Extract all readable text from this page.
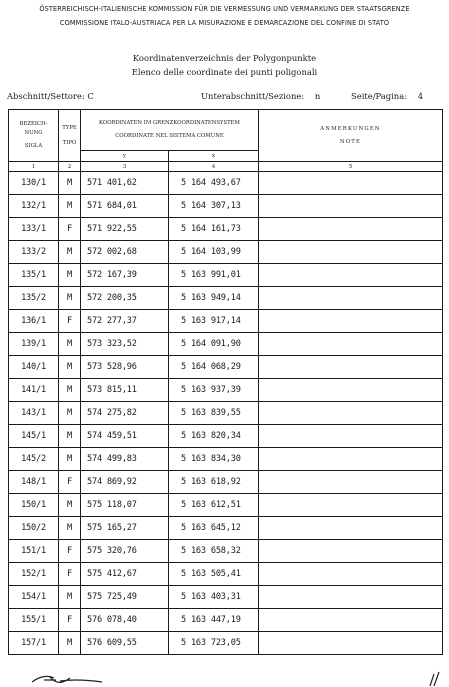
ÖSTERREICHISCH-ITALIENISCHE KOMMISSION FÜR DIE VERMESSUNG UND VERMARKUNG DER STAATSGRENZE
COMMISSIONE ITALO-AUSTRIACA PER LA MISURAZIONE E DEMARCAZIONE DEL CONFINE DI STATO
Koordinatenverzeichnis der Polygonpunkte
Elenco delle coordinate dei punti poligonali
Abschnitt/Settore: C	Unterabschnitt/Sezione: n	Seite/Pagina: 4
BEZEICH-
NUNG
SIGLA	TYPE
TIPO	KOORDINATEN IM GRENZKOORDINATENSYSTEM
COORDINATE NEL SISTEMA COMUNE		ANMERKUNGEN
NOTE

		y	x	
1	2	3	4	5
130/1	M	571 401,62	5 164 493,67	
132/1	M	571 684,01	5 164 307,13	
133/1	F	571 922,55	5 164 161,73	
133/2	M	572 002,68	5 164 103,99	
135/1	M	572 167,39	5 163 991,01	
135/2	M	572 200,35	5 163 949,14	
136/1	F	572 277,37	5 163 917,14	
139/1	M	573 323,52	5 164 091,90	
140/1	M	573 528,96	5 164 068,29	
141/1	M	573 815,11	5 163 937,39	
143/1	M	574 275,82	5 163 839,55	
145/1	M	574 459,51	5 163 820,34	
145/2	M	574 499,83	5 163 834,30	
148/1	F	574 869,92	5 163 618,92	
150/1	M	575 118,07	5 163 612,51	
150/2	M	575 165,27	5 163 645,12	
151/1	F	575 320,76	5 163 658,32	
152/1	F	575 412,67	5 163 505,41	
154/1	M	575 725,49	5 163 403,31	
155/1	F	576 078,40	5 163 447,19	
157/1	M	576 609,55	5 163 723,05	
